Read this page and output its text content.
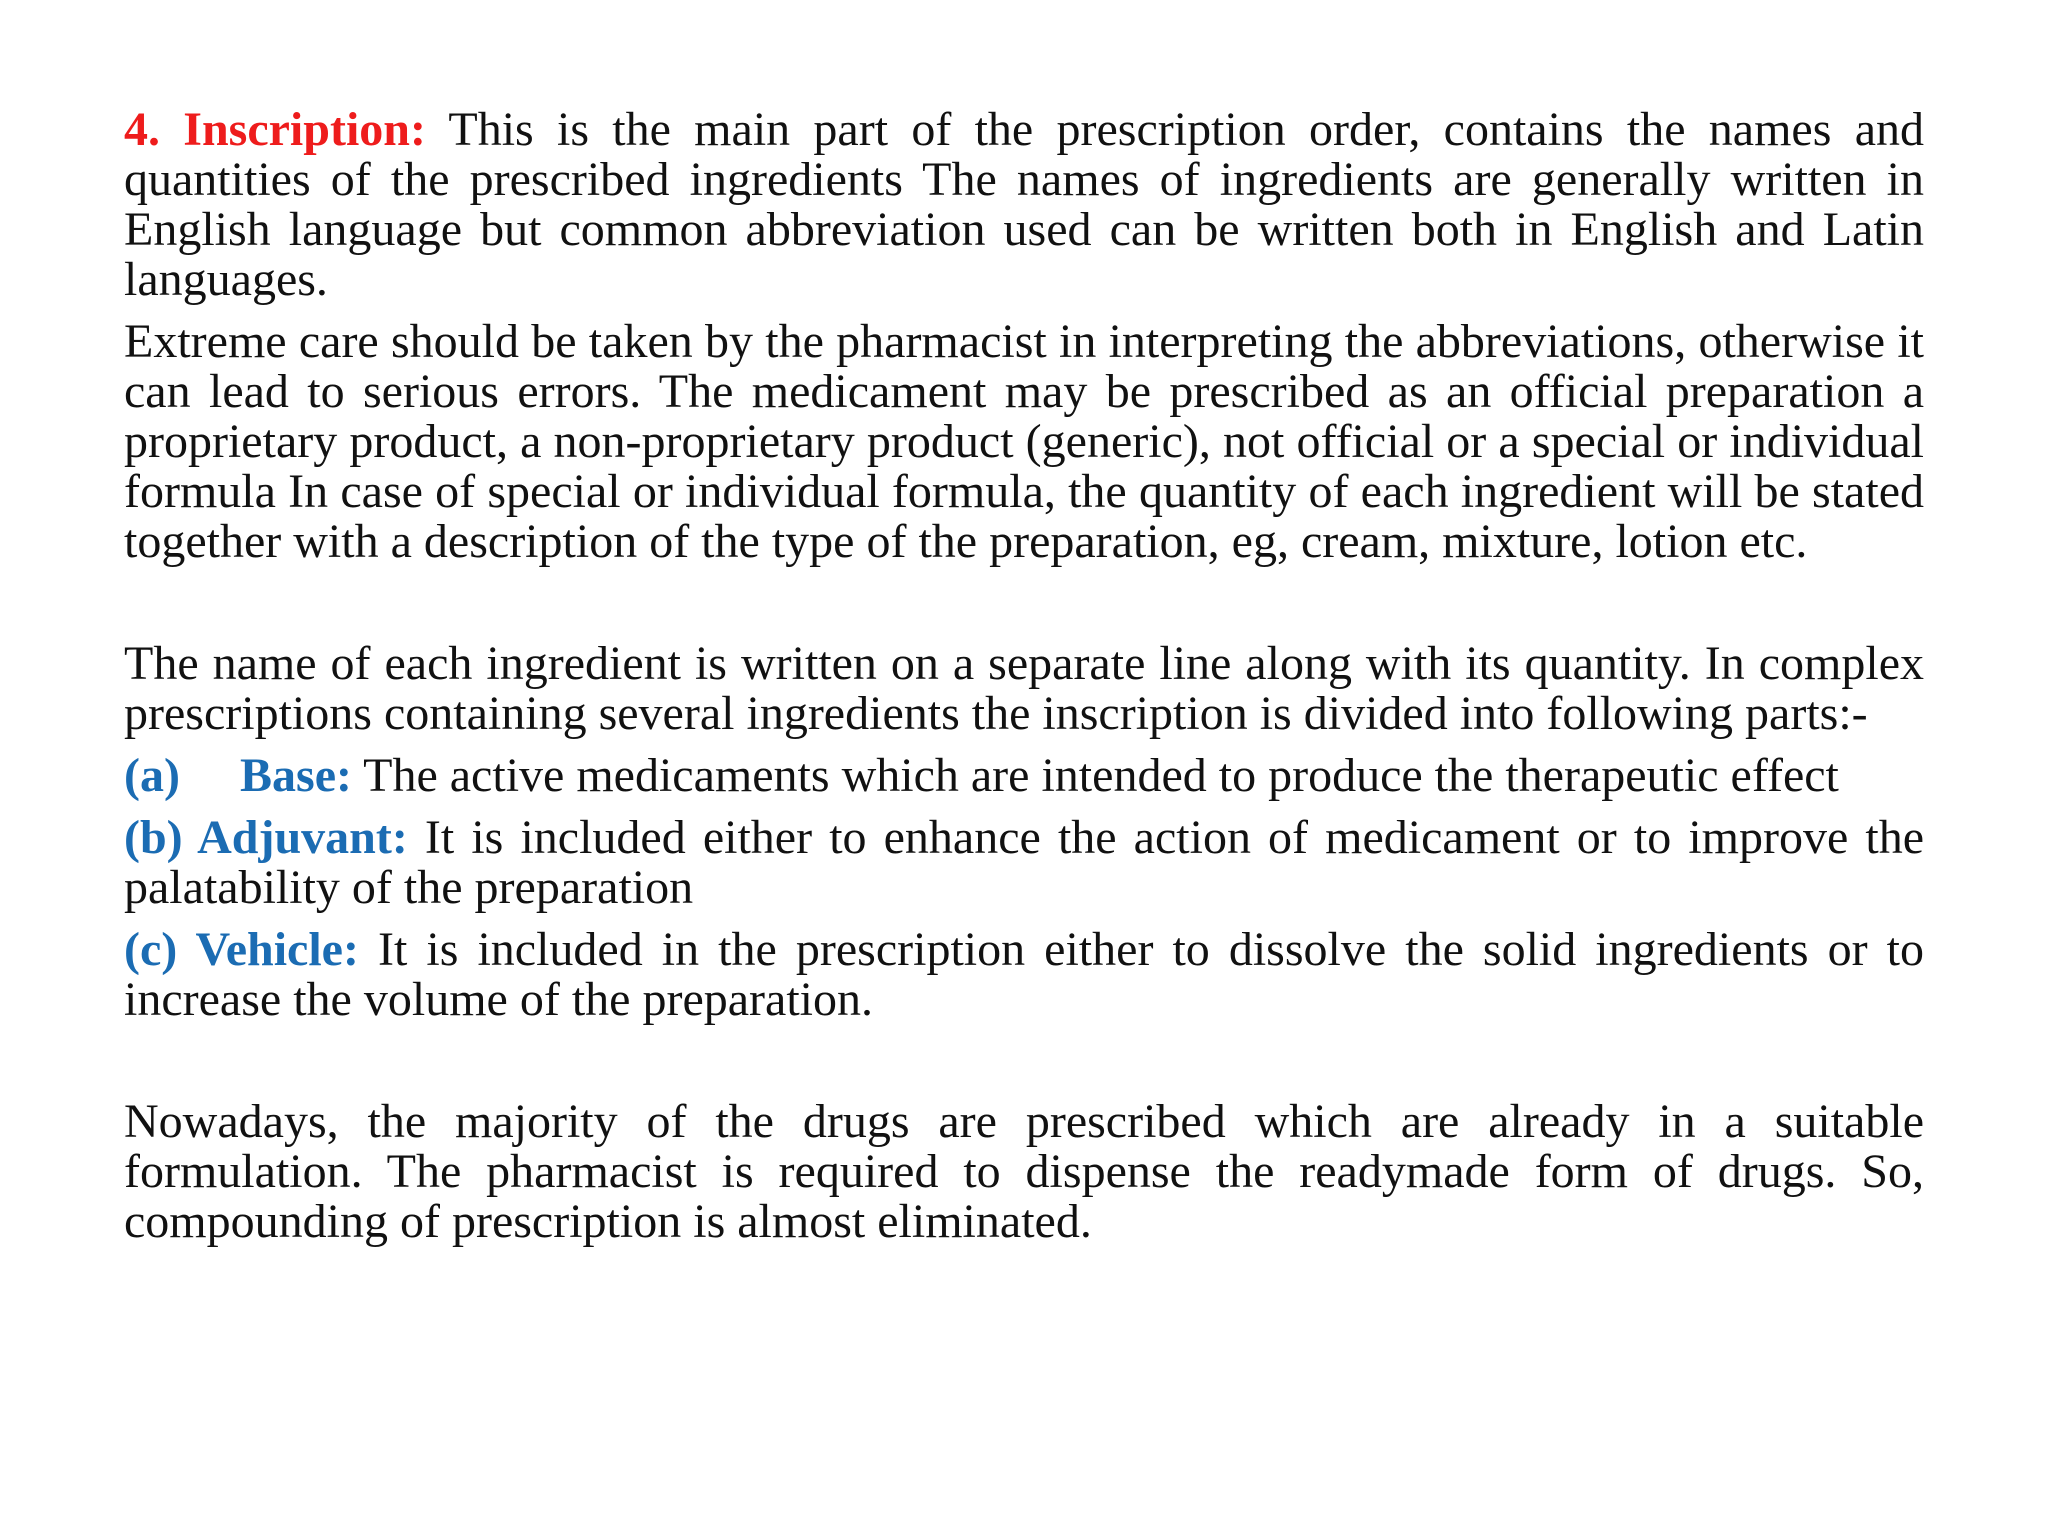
4. Inscription: This is the main part of the prescription order, contains the names and quantities of the prescribed ingredients The names of ingredients are generally written in English language but common abbreviation used can be written both in English and Latin languages.

Extreme care should be taken by the pharmacist in interpreting the abbreviations, otherwise it can lead to serious errors. The medicament may be prescribed as an official preparation a proprietary product, a non-proprietary product (generic), not official or a special or individual formula In case of special or individual formula, the quantity of each ingredient will be stated together with a description of the type of the preparation, eg, cream, mixture, lotion etc.

The name of each ingredient is written on a separate line along with its quantity. In complex prescriptions containing several ingredients the inscription is divided into following parts:-

(a)	Base: The active medicaments which are intended to produce the therapeutic effect

(b) Adjuvant: It is included either to enhance the action of medicament or to improve the palatability of the preparation

(c) Vehicle: It is included in the prescription either to dissolve the solid ingredients or to increase the volume of the preparation.

Nowadays, the majority of the drugs are prescribed which are already in a suitable formulation. The pharmacist is required to dispense the readymade form of drugs. So, compounding of prescription is almost eliminated.
